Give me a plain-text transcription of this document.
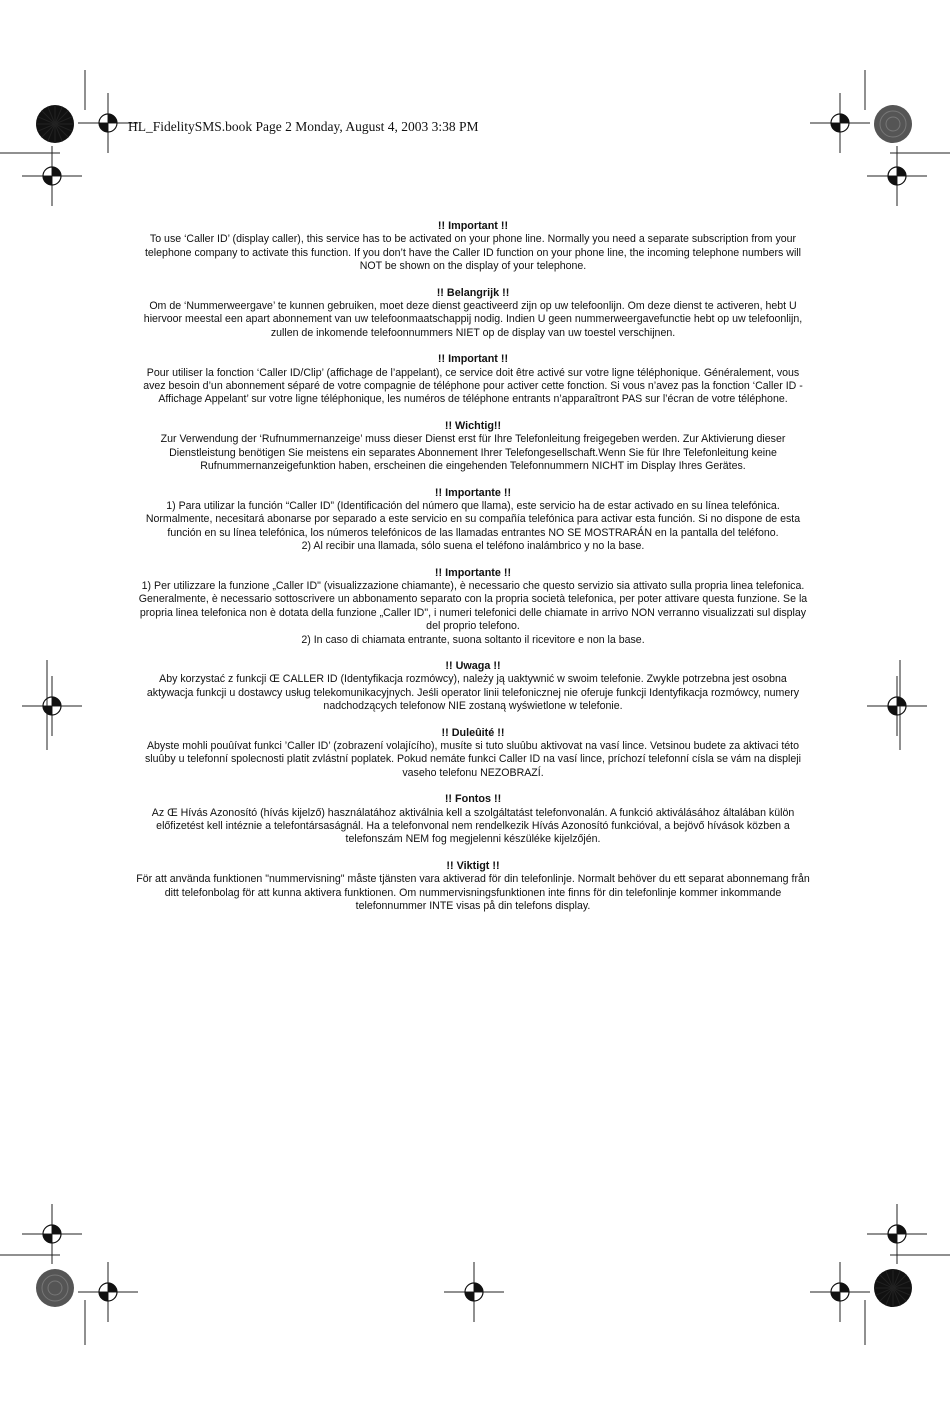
HL_FidelitySMS.book Page 2 Monday, August 4, 2003 3:38 PM
!! Important !!

To use ‘Caller ID’ (display caller), this service has to be activated on your phone line. Normally you need a separate subscription from your telephone company to activate this function. If you don’t have the Caller ID function on your phone line, the incoming telephone numbers will NOT be shown on the display of your telephone.

!! Belangrijk !!

Om de ‘Nummerweergave’ te kunnen gebruiken, moet deze dienst geactiveerd zijn op uw telefoonlijn. Om deze dienst te activeren, hebt U hiervoor meestal een apart abonnement van uw telefoonmaatschappij nodig. Indien U geen nummerweergavefunctie hebt op uw telefoonlijn, zullen de inkomende telefoonnummers NIET op de display van uw toestel verschijnen.

!! Important !!

Pour utiliser la fonction ‘Caller ID/Clip’ (affichage de l’appelant), ce service doit être activé sur votre ligne téléphonique. Généralement, vous avez besoin d’un abonnement séparé de votre compagnie de téléphone pour activer cette fonction. Si vous n’avez pas la fonction ‘Caller ID - Affichage Appelant’ sur votre ligne téléphonique, les numéros de téléphone entrants n’apparaîtront PAS sur l’écran de votre téléphone.

!! Wichtig!!

Zur Verwendung der ‘Rufnummernanzeige’ muss dieser Dienst erst für Ihre Telefonleitung freigegeben werden. Zur Aktivierung dieser Dienstleistung benötigen Sie meistens ein separates Abonnement Ihrer Telefongesellschaft.Wenn Sie für Ihre Telefonleitung keine Rufnummernanzeigefunktion haben, erscheinen die eingehenden Telefonnummern NICHT im Display Ihres Gerätes.

!! Importante !!

1) Para utilizar la función “Caller ID” (Identificación del número que llama), este servicio ha de estar activado en su línea telefónica. Normalmente, necesitará abonarse por separado a este servicio en su compañía telefónica para activar esta función. Si no dispone de esta función en su línea telefónica, los números telefónicos de las llamadas entrantes NO SE MOSTRARÁN en la pantalla del teléfono.

2) Al recibir una llamada, sólo suena el teléfono inalámbrico y no la base.

!! Importante !!

1) Per utilizzare la funzione „Caller ID" (visualizzazione chiamante), è necessario che questo servizio sia attivato sulla propria linea telefonica. Generalmente, è necessario sottoscrivere un abbonamento separato con la propria società telefonica, per poter attivare questa funzione. Se la propria linea telefonica non è dotata della funzione „Caller ID", i numeri telefonici delle chiamate in arrivo NON verranno visualizzati sul display del proprio telefono.

2) In caso di chiamata entrante, suona soltanto il ricevitore e non la base.

!! Uwaga !!

Aby korzystać z funkcji Œ CALLER ID (Identyfikacja rozmówcy), należy ją uaktywnić w swoim telefonie. Zwykle potrzebna jest osobna aktywacja funkcji u dostawcy usług telekomunikacyjnych. Jeśli operator linii telefonicznej nie oferuje funkcji Identyfikacja rozmówcy, numery nadchodzących telefonow NIE zostaną wyświetlone w telefonie.

!! Duleûité !!

Abyste mohli pouûívat funkci ’Caller ID’ (zobrazení volajícího), musíte si tuto sluûbu aktivovat na vasí lince. Vetsinou budete za aktivaci této sluûby u telefonní spolecnosti platit zvlástní poplatek. Pokud nemáte funkci Caller ID na vasí lince, príchozí telefonní císla se vám na displeji vaseho telefonu NEZOBRAZÍ.

!! Fontos !!

Az Œ Hívás Azonosító (hívás kijelző) használatához aktiválnia kell a szolgáltatást telefonvonalán. A funkció aktiválásához általában külön előfizetést kell intéznie a telefontársaságnál. Ha a telefonvonal nem rendelkezik Hívás Azonosító funkcióval, a bejövő hívások közben a telefonszám NEM fog megjelenni készüléke kijelzőjén.

!! Viktigt !!

För att använda funktionen "nummervisning" måste tjänsten vara aktiverad för din telefonlinje. Normalt behöver du ett separat abonnemang från ditt telefonbolag för att kunna aktivera funktionen. Om nummervisningsfunktionen inte finns för din telefonlinje kommer inkommande telefonnummer INTE visas på din telefons display.
